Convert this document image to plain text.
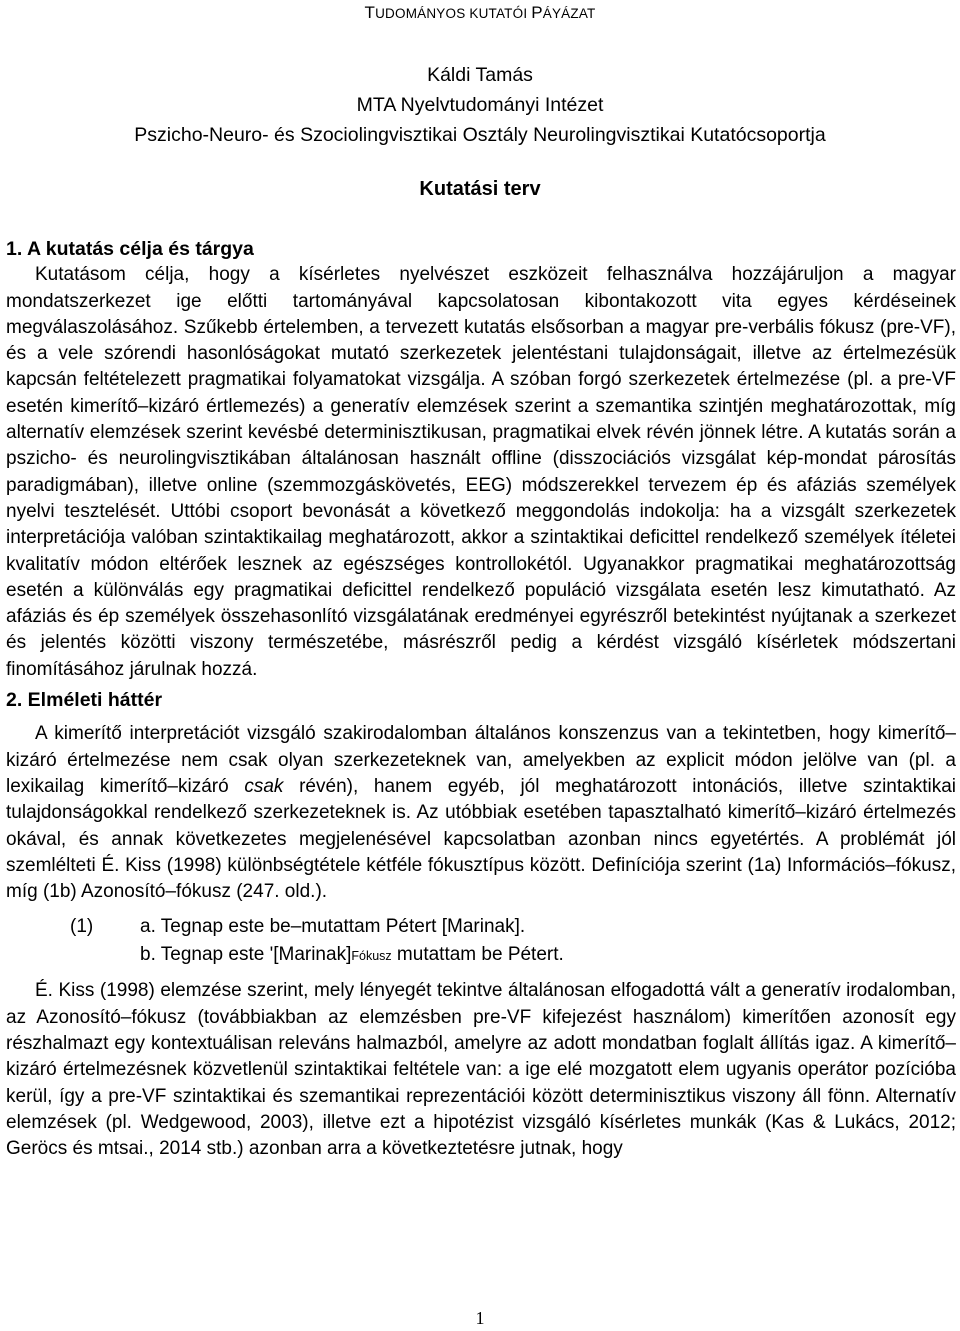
TUDOMÁNYOS KUTATÓI PÁYÁZAT
Káldi Tamás
MTA Nyelvtudományi Intézet
Pszicho-Neuro- és Szociolingvisztikai Osztály Neurolingvisztikai Kutatócsoportja
Kutatási terv
1. A kutatás célja és tárgya

Kutatásom célja, hogy a kísérletes nyelvészet eszközeit felhasználva hozzájáruljon a magyar mondatszerkezet ige előtti tartományával kapcsolatosan kibontakozott vita egyes kérdéseinek megválaszolásához. Szűkebb értelemben, a tervezett kutatás elsősorban a magyar pre-verbális fókusz (pre-VF), és a vele szórendi hasonlóságokat mutató szerkezetek jelentéstani tulajdonságait, illetve az értelmezésük kapcsán feltételezett pragmatikai folyamatokat vizsgálja. A szóban forgó szerkezetek értelmezése (pl. a pre-VF esetén kimerítő–kizáró értlemezés) a generatív elemzések szerint a szemantika szintjén meghatározottak, míg alternatív elemzések szerint kevésbé determinisztikusan, pragmatikai elvek révén jönnek létre. A kutatás során a pszicho- és neurolingvisztikában általánosan használt offline (disszociációs vizsgálat kép-mondat párosítás paradigmában), illetve online (szemmozgáskövetés, EEG) módszerekkel tervezem ép és afáziás személyek nyelvi tesztelését. Uttóbi csoport bevonását a következő meggondolás indokolja: ha a vizsgált szerkezetek interpretációja valóban szintaktikailag meghatározott, akkor a szintaktikai deficittel rendelkező személyek ítéletei kvalitatív módon eltérőek lesznek az egészséges kontrollokétól. Ugyanakkor pragmatikai meghatározottság esetén a különválás egy pragmatikai deficittel rendelkező populáció vizsgálata esetén lesz kimutatható. Az afáziás és ép személyek összehasonlító vizsgálatának eredményei egyrészről betekintést nyújtanak a szerkezet és jelentés közötti viszony természetébe, másrészről pedig a kérdést vizsgáló kísérletek módszertani finomításához járulnak hozzá.

2. Elméleti háttér

A kimerítő interpretációt vizsgáló szakirodalomban általános konszenzus van a tekintetben, hogy kimerítő–kizáró értelmezése nem csak olyan szerkezeteknek van, amelyekben az explicit módon jelölve van (pl. a lexikailag kimerítő–kizáró csak révén), hanem egyéb, jól meghatározott intonációs, illetve szintaktikai tulajdonságokkal rendelkező szerkezeteknek is. Az utóbbiak esetében tapasztalható kimerítő–kizáró értelmezés okával, és annak következetes megjelenésével kapcsolatban azonban nincs egyetértés. A problémát jól szemlélteti É. Kiss (1998) különbségtétele kétféle fókusztípus között. Definíciója szerint (1a) Információs–fókusz, míg (1b) Azonosító–fókusz (247. old.).

(1) a. Tegnap este be–mutattam Pétert [Marinak].
b. Tegnap este '[Marinak]Fókusz mutattam be Pétert.

É. Kiss (1998) elemzése szerint, mely lényegét tekintve általánosan elfogadottá vált a generatív irodalomban, az Azonosító–fókusz (továbbiakban az elemzésben pre-VF kifejezést használom) kimerítően azonosít egy részhalmazt egy kontextuálisan releváns halmazból, amelyre az adott mondatban foglalt állítás igaz. A kimerítő–kizáró értelmezésnek közvetlenül szintaktikai feltétele van: a ige elé mozgatott elem ugyanis operátor pozícióba kerül, így a pre-VF szintaktikai és szemantikai reprezentációi között determinisztikus viszony áll fönn. Alternatív elemzések (pl. Wedgewood, 2003), illetve ezt a hipotézist vizsgáló kísérletes munkák (Kas & Lukács, 2012; Geröcs és mtsai., 2014 stb.) azonban arra a következtetésre jutnak, hogy

1
